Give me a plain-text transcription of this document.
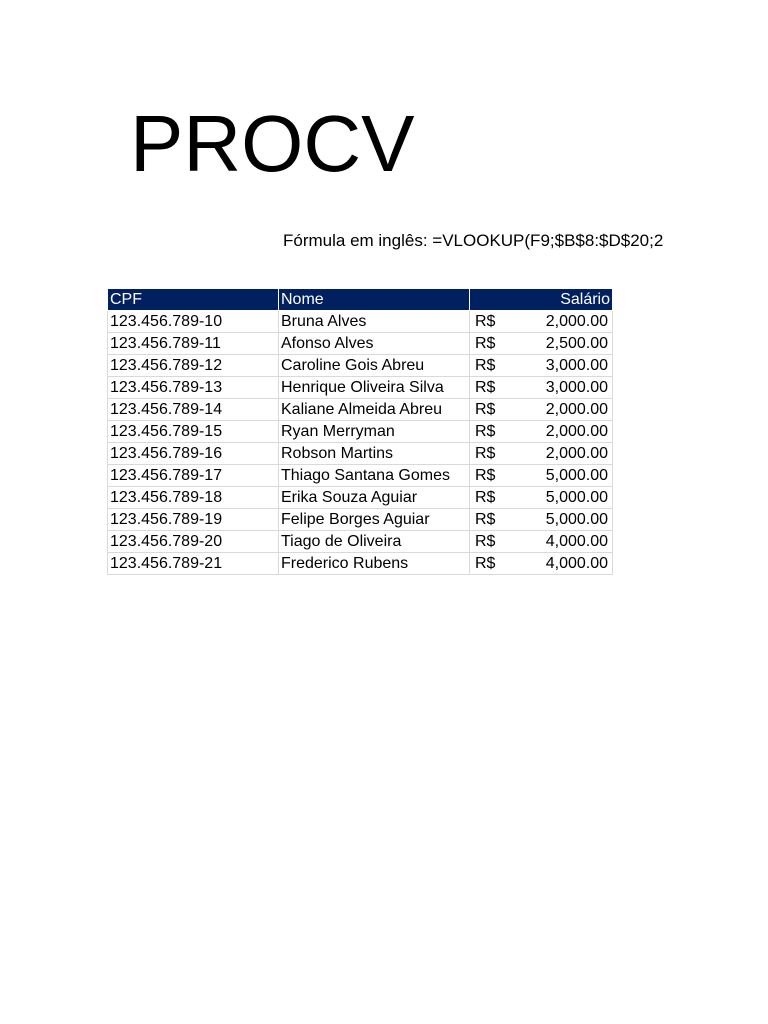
PROCV
Fórmula em inglês: =VLOOKUP(F9;$B$8:$D$20;2
CPF	Nome	Salário
123.456.789-10	Bruna Alves	R$ 2,000.00

123.456.789-11	Afonso Alves	R$ 2,500.00

123.456.789-12	Caroline Gois Abreu	R$ 3,000.00

123.456.789-13	Henrique Oliveira Silva	R$ 3,000.00

123.456.789-14	Kaliane Almeida Abreu	R$ 2,000.00

123.456.789-15	Ryan Merryman	R$ 2,000.00

123.456.789-16	Robson Martins	R$ 2,000.00

123.456.789-17	Thiago Santana Gomes	R$ 5,000.00

123.456.789-18	Erika Souza Aguiar	R$ 5,000.00

123.456.789-19	Felipe Borges Aguiar	R$ 5,000.00

123.456.789-20	Tiago de Oliveira	R$ 4,000.00

123.456.789-21	Frederico Rubens	R$ 4,000.00
